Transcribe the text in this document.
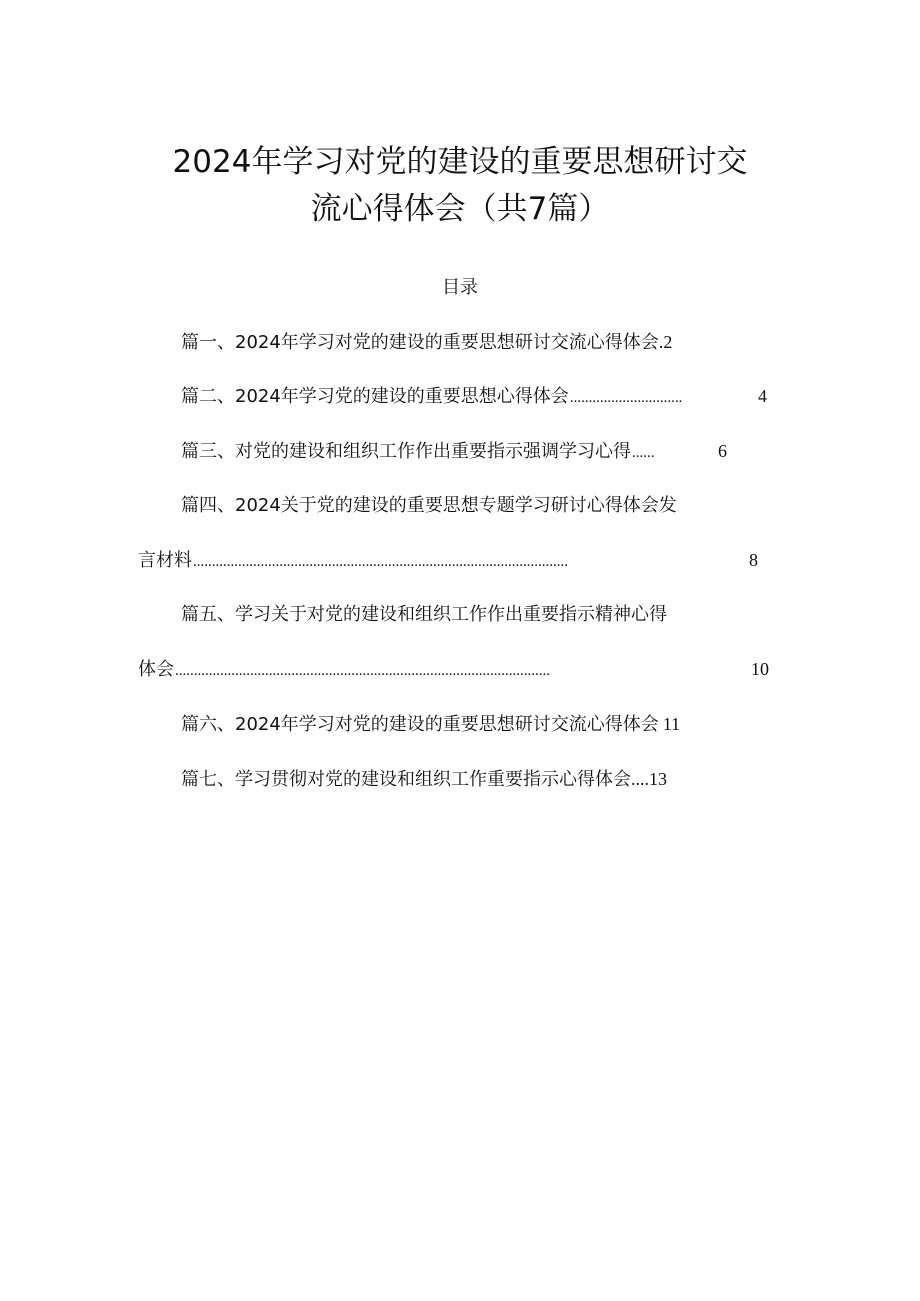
2024年学习对党的建设的重要思想研讨交
流心得体会（共7篇）
目录
篇一、2024年学习对党的建设的重要思想研讨交流心得体会 . 2
篇二、2024年学习党的建设的重要思想心得体会 ..............................	4
篇三、对党的建设和组织工作作出重要指示强调学习心得 ......	6
篇四、2024关于党的建设的重要思想专题学习研讨心得体会发
言材料 ....................................................................................................	8
篇五、学习关于对党的建设和组织工作作出重要指示精神心得
体会 ....................................................................................................	10
篇六、2024年学习对党的建设的重要思想研讨交流心得体会 11
篇七、学习贯彻对党的建设和组织工作重要指示心得体会 .... 13
